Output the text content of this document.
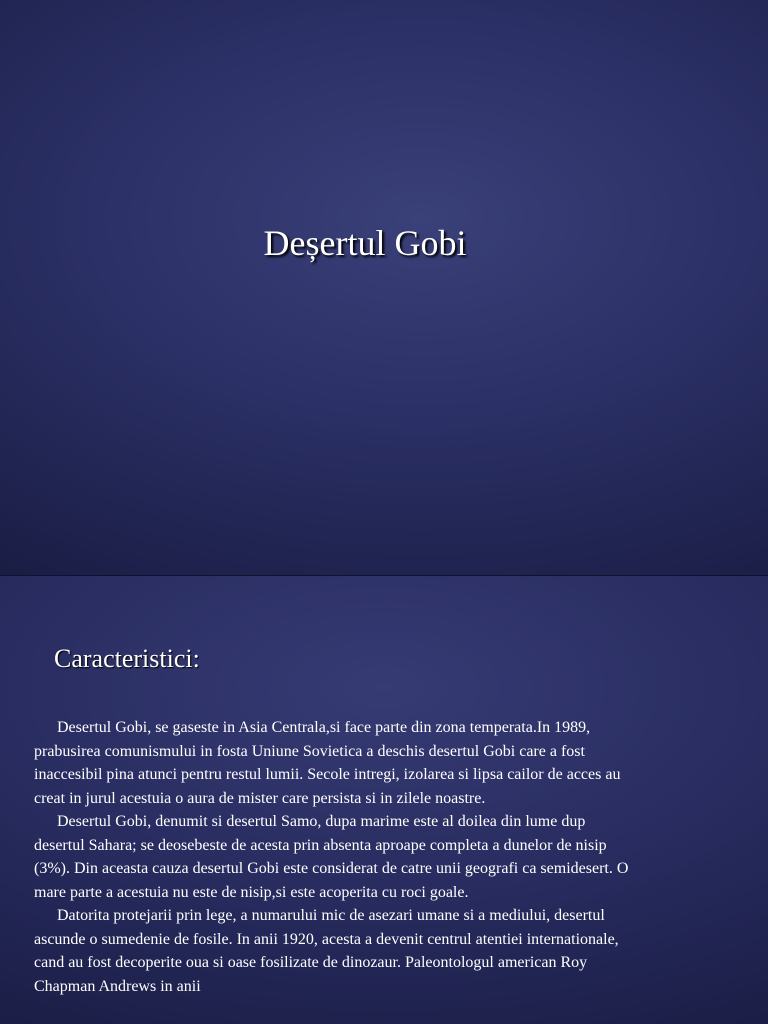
Deșertul Gobi
Caracteristici:

Desertul Gobi, se gaseste in Asia Centrala,si face parte din zona temperata.In 1989, prabusirea comunismului in fosta Uniune Sovietica a deschis desertul Gobi care a fost inaccesibil pina atunci pentru restul lumii. Secole intregi, izolarea si lipsa cailor de acces au creat in jurul acestuia o aura de mister care persista si in zilele noastre.

Desertul Gobi, denumit si desertul Samo, dupa marime este al doilea din lume dup desertul Sahara; se deosebeste de acesta prin absenta aproape completa a dunelor de nisip (3%). Din aceasta cauza desertul Gobi este considerat de catre unii geografi ca semidesert. O mare parte a acestuia nu este de nisip,si este acoperita cu roci goale.

Datorita protejarii prin lege, a numarului mic de asezari umane si a mediului, desertul ascunde o sumedenie de fosile. In anii 1920, acesta a devenit centrul atentiei internationale, cand au fost decoperite oua si oase fosilizate de dinozaur. Paleontologul american Roy Chapman Andrews in anii
